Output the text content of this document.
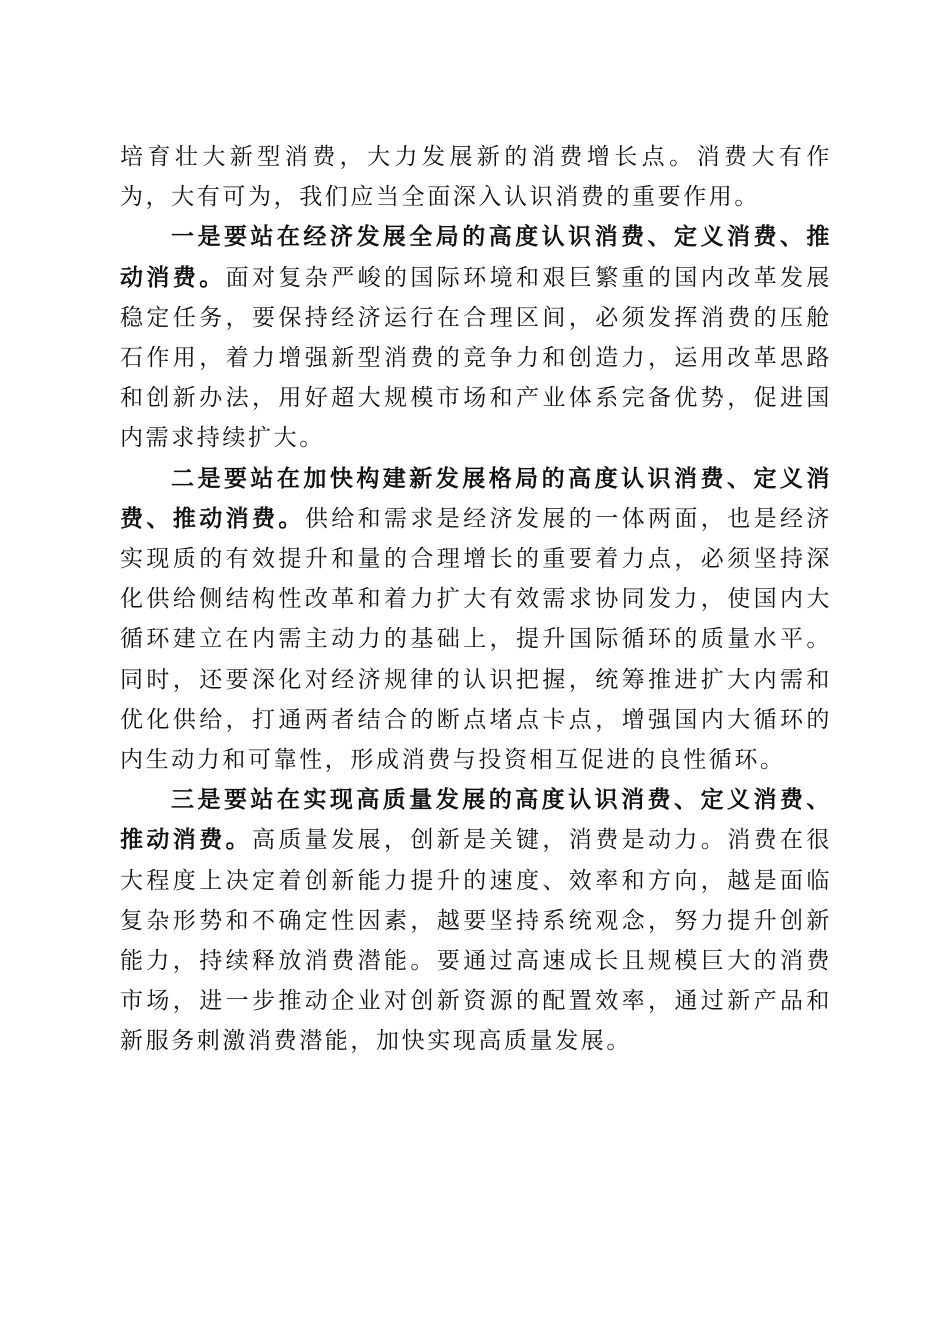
培育壮大新型消费，大力发展新的消费增长点。消费大有作为，大有可为，我们应当全面深入认识消费的重要作用。

一是要站在经济发展全局的高度认识消费、定义消费、推动消费。面对复杂严峻的国际环境和艰巨繁重的国内改革发展稳定任务，要保持经济运行在合理区间，必须发挥消费的压舱石作用，着力增强新型消费的竞争力和创造力，运用改革思路和创新办法，用好超大规模市场和产业体系完备优势，促进国内需求持续扩大。

二是要站在加快构建新发展格局的高度认识消费、定义消费、推动消费。供给和需求是经济发展的一体两面，也是经济实现质的有效提升和量的合理增长的重要着力点，必须坚持深化供给侧结构性改革和着力扩大有效需求协同发力，使国内大循环建立在内需主动力的基础上，提升国际循环的质量水平。同时，还要深化对经济规律的认识把握，统筹推进扩大内需和优化供给，打通两者结合的断点堵点卡点，增强国内大循环的内生动力和可靠性，形成消费与投资相互促进的良性循环。

三是要站在实现高质量发展的高度认识消费、定义消费、推动消费。高质量发展，创新是关键，消费是动力。消费在很大程度上决定着创新能力提升的速度、效率和方向，越是面临复杂形势和不确定性因素，越要坚持系统观念，努力提升创新能力，持续释放消费潜能。要通过高速成长且规模巨大的消费市场，进一步推动企业对创新资源的配置效率，通过新产品和新服务刺激消费潜能，加快实现高质量发展。
